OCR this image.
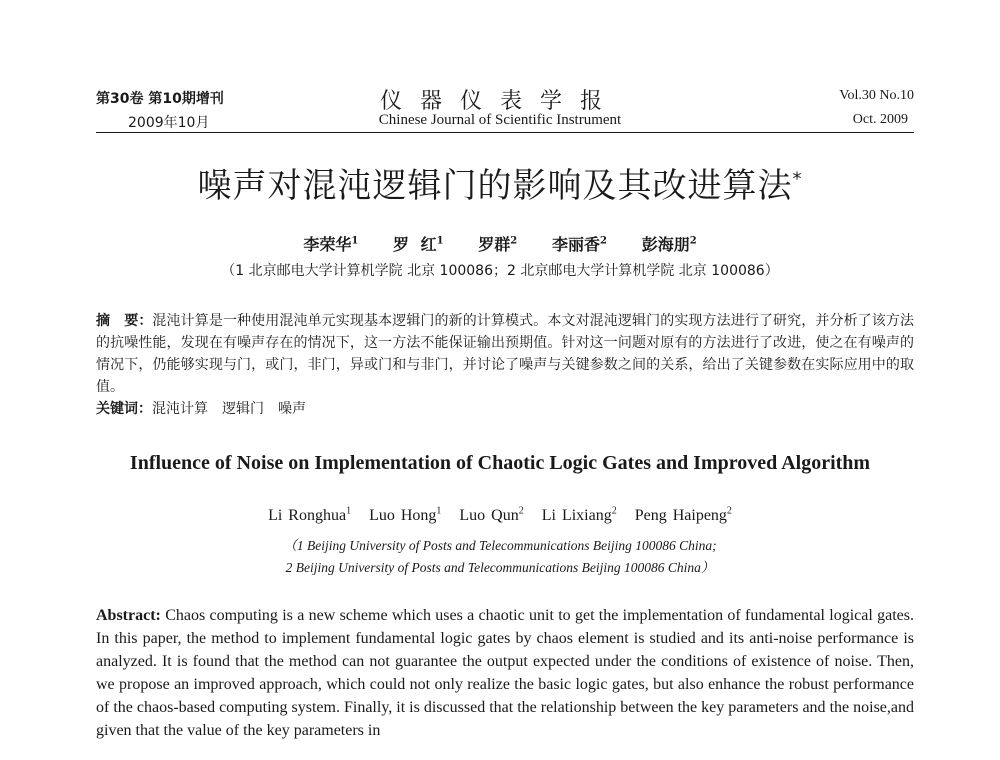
第30卷 第10期增刊
2009年10月
仪器仪表学报
Chinese Journal of Scientific Instrument
Vol.30 No.10
Oct. 2009
噪声对混沌逻辑门的影响及其改进算法*
李荣华$^1$ 罗 红$^1$ 罗群$^2$ 李丽香$^2$ 彭海朋$^2$
（1 北京邮电大学计算机学院 北京 100086；2 北京邮电大学计算机学院 北京 100086）
摘　要：混沌计算是一种使用混沌单元实现基本逻辑门的新的计算模式。本文对混沌逻辑门的实现方法进行了研究，并分析了该方法的抗噪性能，发现在有噪声存在的情况下，这一方法不能保证输出预期值。针对这一问题对原有的方法进行了改进，使之在有噪声的情况下，仍能够实现与门，或门，非门，异或门和与非门，并讨论了噪声与关键参数之间的关系，给出了关键参数在实际应用中的取值。
关键词：混沌计算　逻辑门　噪声
Influence of Noise on Implementation of Chaotic Logic Gates and Improved Algorithm
Li Ronghua$^1$ Luo Hong$^1$ Luo Qun$^2$ Li Lixiang$^2$ Peng Haipeng$^2$
（1 Beijing University of Posts and Telecommunications Beijing 100086 China;
2 Beijing University of Posts and Telecommunications Beijing 100086 China）
Abstract: Chaos computing is a new scheme which uses a chaotic unit to get the implementation of fundamental logical gates. In this paper, the method to implement fundamental logic gates by chaos element is studied and its anti-noise performance is analyzed. It is found that the method can not guarantee the output expected under the conditions of existence of noise. Then, we propose an improved approach, which could not only realize the basic logic gates, but also enhance the robust performance of the chaos-based computing system. Finally, it is discussed that the relationship between the key parameters and the noise,and given that the value of the key parameters in
